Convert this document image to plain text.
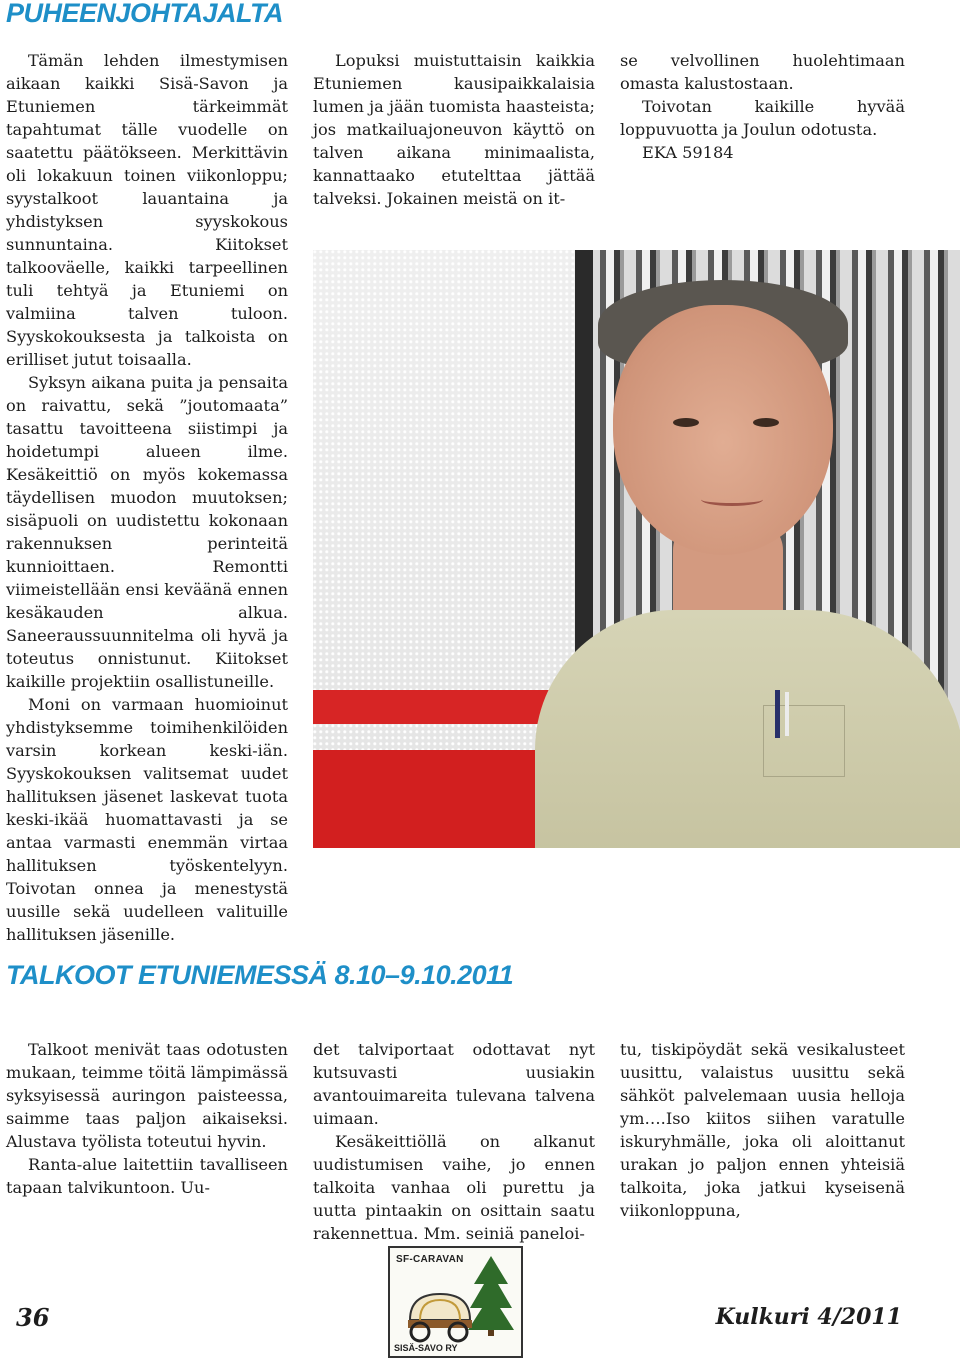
PUHEENJOHTAJALTA

Tämän lehden ilmestymisen aikaan kaikki Sisä-Savon ja Etuniemen tärkeimmät tapahtumat tälle vuodelle on saatettu päätökseen. Merkittävin oli lokakuun toinen viikonloppu; syystalkoot lauantaina ja yhdistyksen syyskokous sunnuntaina. Kiitokset talkooväelle, kaikki tarpeellinen tuli tehtyä ja Etuniemi on valmiina talven tuloon. Syyskokouksesta ja talkoista on erilliset jutut toisaalla.

Syksyn aikana puita ja pensaita on raivattu, sekä ”joutomaata” tasattu tavoitteena siistimpi ja hoidetumpi alueen ilme. Kesäkeittiö on myös kokemassa täydellisen muodon muutoksen; sisäpuoli on uudistettu kokonaan rakennuksen perinteitä kunnioittaen. Remontti viimeistellään ensi keväänä ennen kesäkauden alkua. Saneeraussuunnitelma oli hyvä ja toteutus onnistunut. Kiitokset kaikille projektiin osallistuneille.

Moni on varmaan huomioinut yhdistyksemme toimihenkilöiden varsin korkean keski-iän. Syyskokouksen valitsemat uudet hallituksen jäsenet laskevat tuota keski-ikää huomattavasti ja se antaa varmasti enemmän virtaa hallituksen työskentelyyn. Toivotan onnea ja menestystä uusille sekä uudelleen valituille hallituksen jäsenille.

Lopuksi muistuttaisin kaikkia Etuniemen kausipaikkalaisia lumen ja jään tuomista haasteista; jos matkailuajoneuvon käyttö on talven aikana minimaalista, kannattaako etutelttaa jättää talveksi. Jokainen meistä on it-

se velvollinen huolehtimaan omasta kalustostaan.

Toivotan kaikille hyvää loppuvuotta ja Joulun odotusta.

EKA 59184

TALKOOT ETUNIEMESSÄ 8.10–9.10.2011

Talkoot menivät taas odotusten mukaan, teimme töitä lämpimässä syksyisessä auringon paisteessa, saimme taas paljon aikaiseksi. Alustava työlista toteutui hyvin.

Ranta-alue laitettiin tavalliseen tapaan talvikuntoon. Uu-

det talviportaat odottavat nyt kutsuvasti uusiakin avantouimareita tulevana talvena uimaan.

Kesäkeittiöllä on alkanut uudistumisen vaihe, jo ennen talkoita vanhaa oli purettu ja uutta pintaakin on osittain saatu rakennettua. Mm. seiniä paneloi-

tu, tiskipöydät sekä vesikalusteet uusittu, valaistus uusittu sekä sähköt palvelemaan uusia helloja ym….Iso kiitos siihen varatulle iskuryhmälle, joka oli aloittanut urakan jo paljon ennen yhteisiä talkoita, joka jatkui kyseisenä viikonloppuna,

SF-CARAVAN
SISÄ-SAVO RY

36	Kulkuri 4/2011
